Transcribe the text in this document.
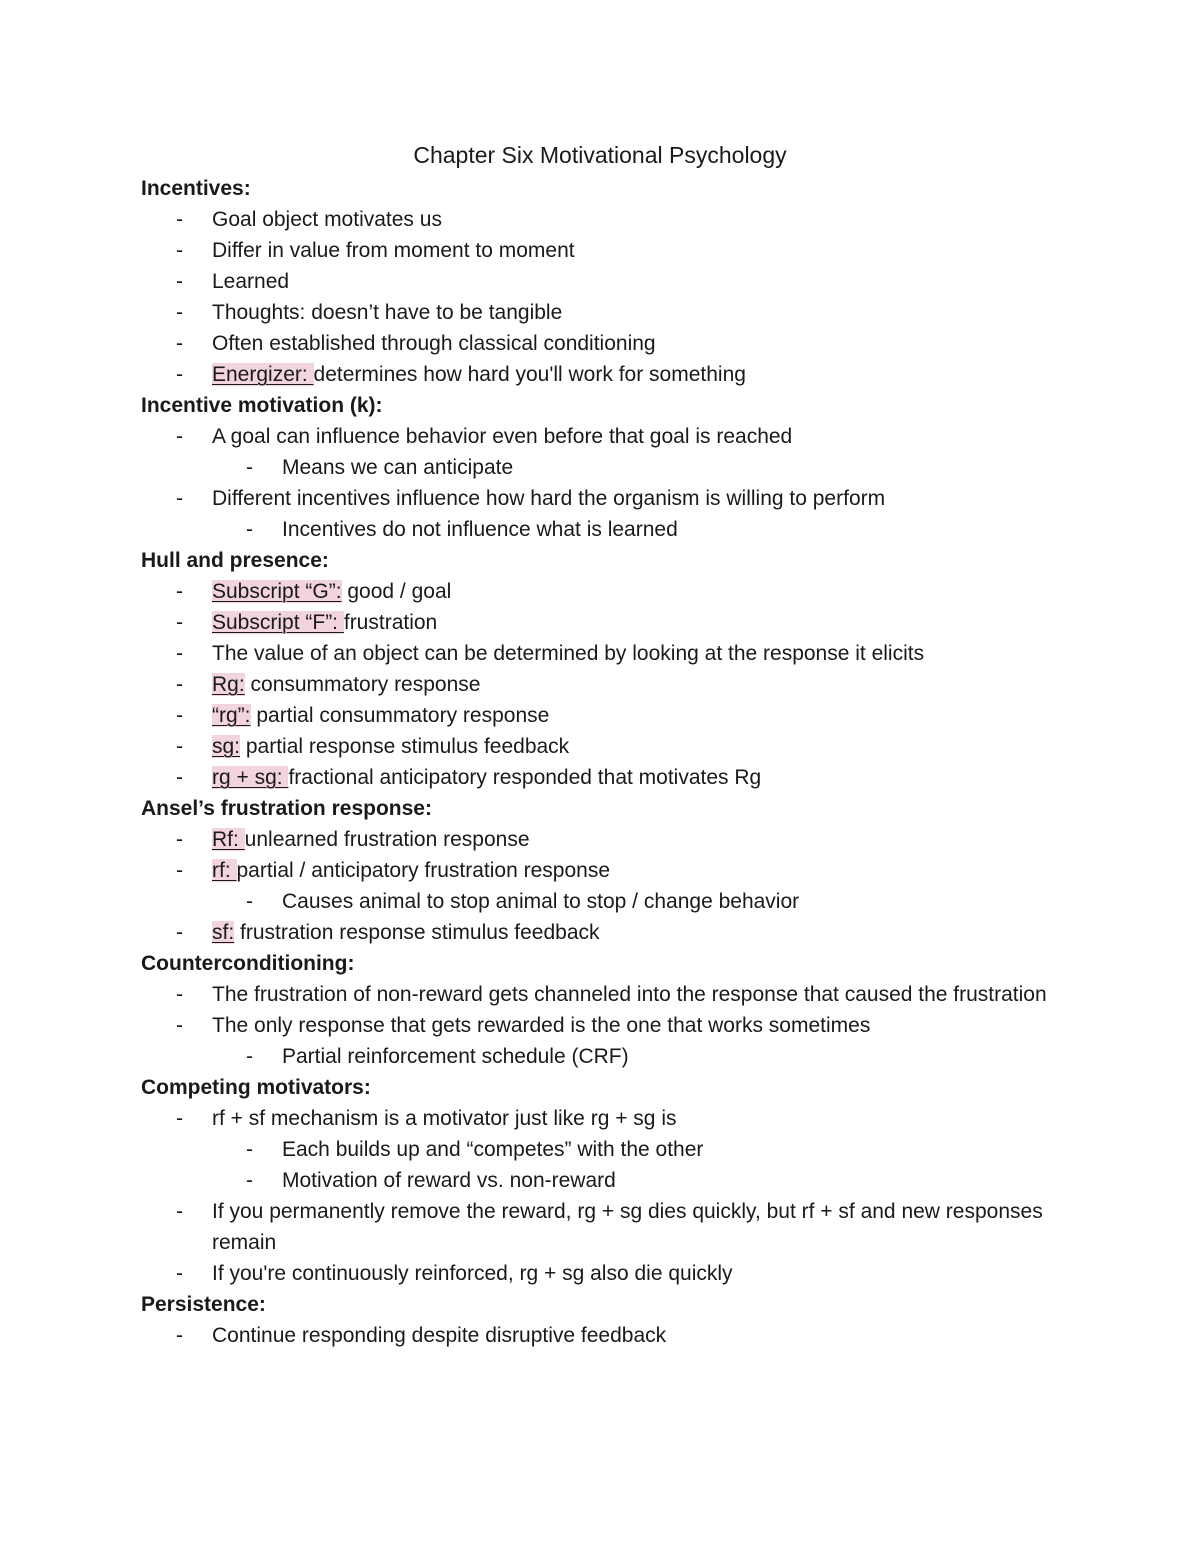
Chapter Six Motivational Psychology
Incentives:
- Goal object motivates us
- Differ in value from moment to moment
- Learned
- Thoughts: doesn’t have to be tangible
- Often established through classical conditioning
- Energizer: determines how hard you'll work for something
Incentive motivation (k):
- A goal can influence behavior even before that goal is reached
- Means we can anticipate
- Different incentives influence how hard the organism is willing to perform
- Incentives do not influence what is learned
Hull and presence:
- Subscript “G”: good / goal
- Subscript “F”: frustration
- The value of an object can be determined by looking at the response it elicits
- Rg: consummatory response
- “rg”: partial consummatory response
- sg: partial response stimulus feedback
- rg + sg: fractional anticipatory responded that motivates Rg
Ansel’s frustration response:
- Rf: unlearned frustration response
- rf: partial / anticipatory frustration response
- Causes animal to stop animal to stop / change behavior
- sf: frustration response stimulus feedback
Counterconditioning:
- The frustration of non-reward gets channeled into the response that caused the frustration
- The only response that gets rewarded is the one that works sometimes
- Partial reinforcement schedule (CRF)
Competing motivators:
- rf + sf mechanism is a motivator just like rg + sg is
- Each builds up and “competes” with the other
- Motivation of reward vs. non-reward
- If you permanently remove the reward, rg + sg dies quickly, but rf + sf and new responses remain
- If you're continuously reinforced, rg + sg also die quickly
Persistence:
- Continue responding despite disruptive feedback
